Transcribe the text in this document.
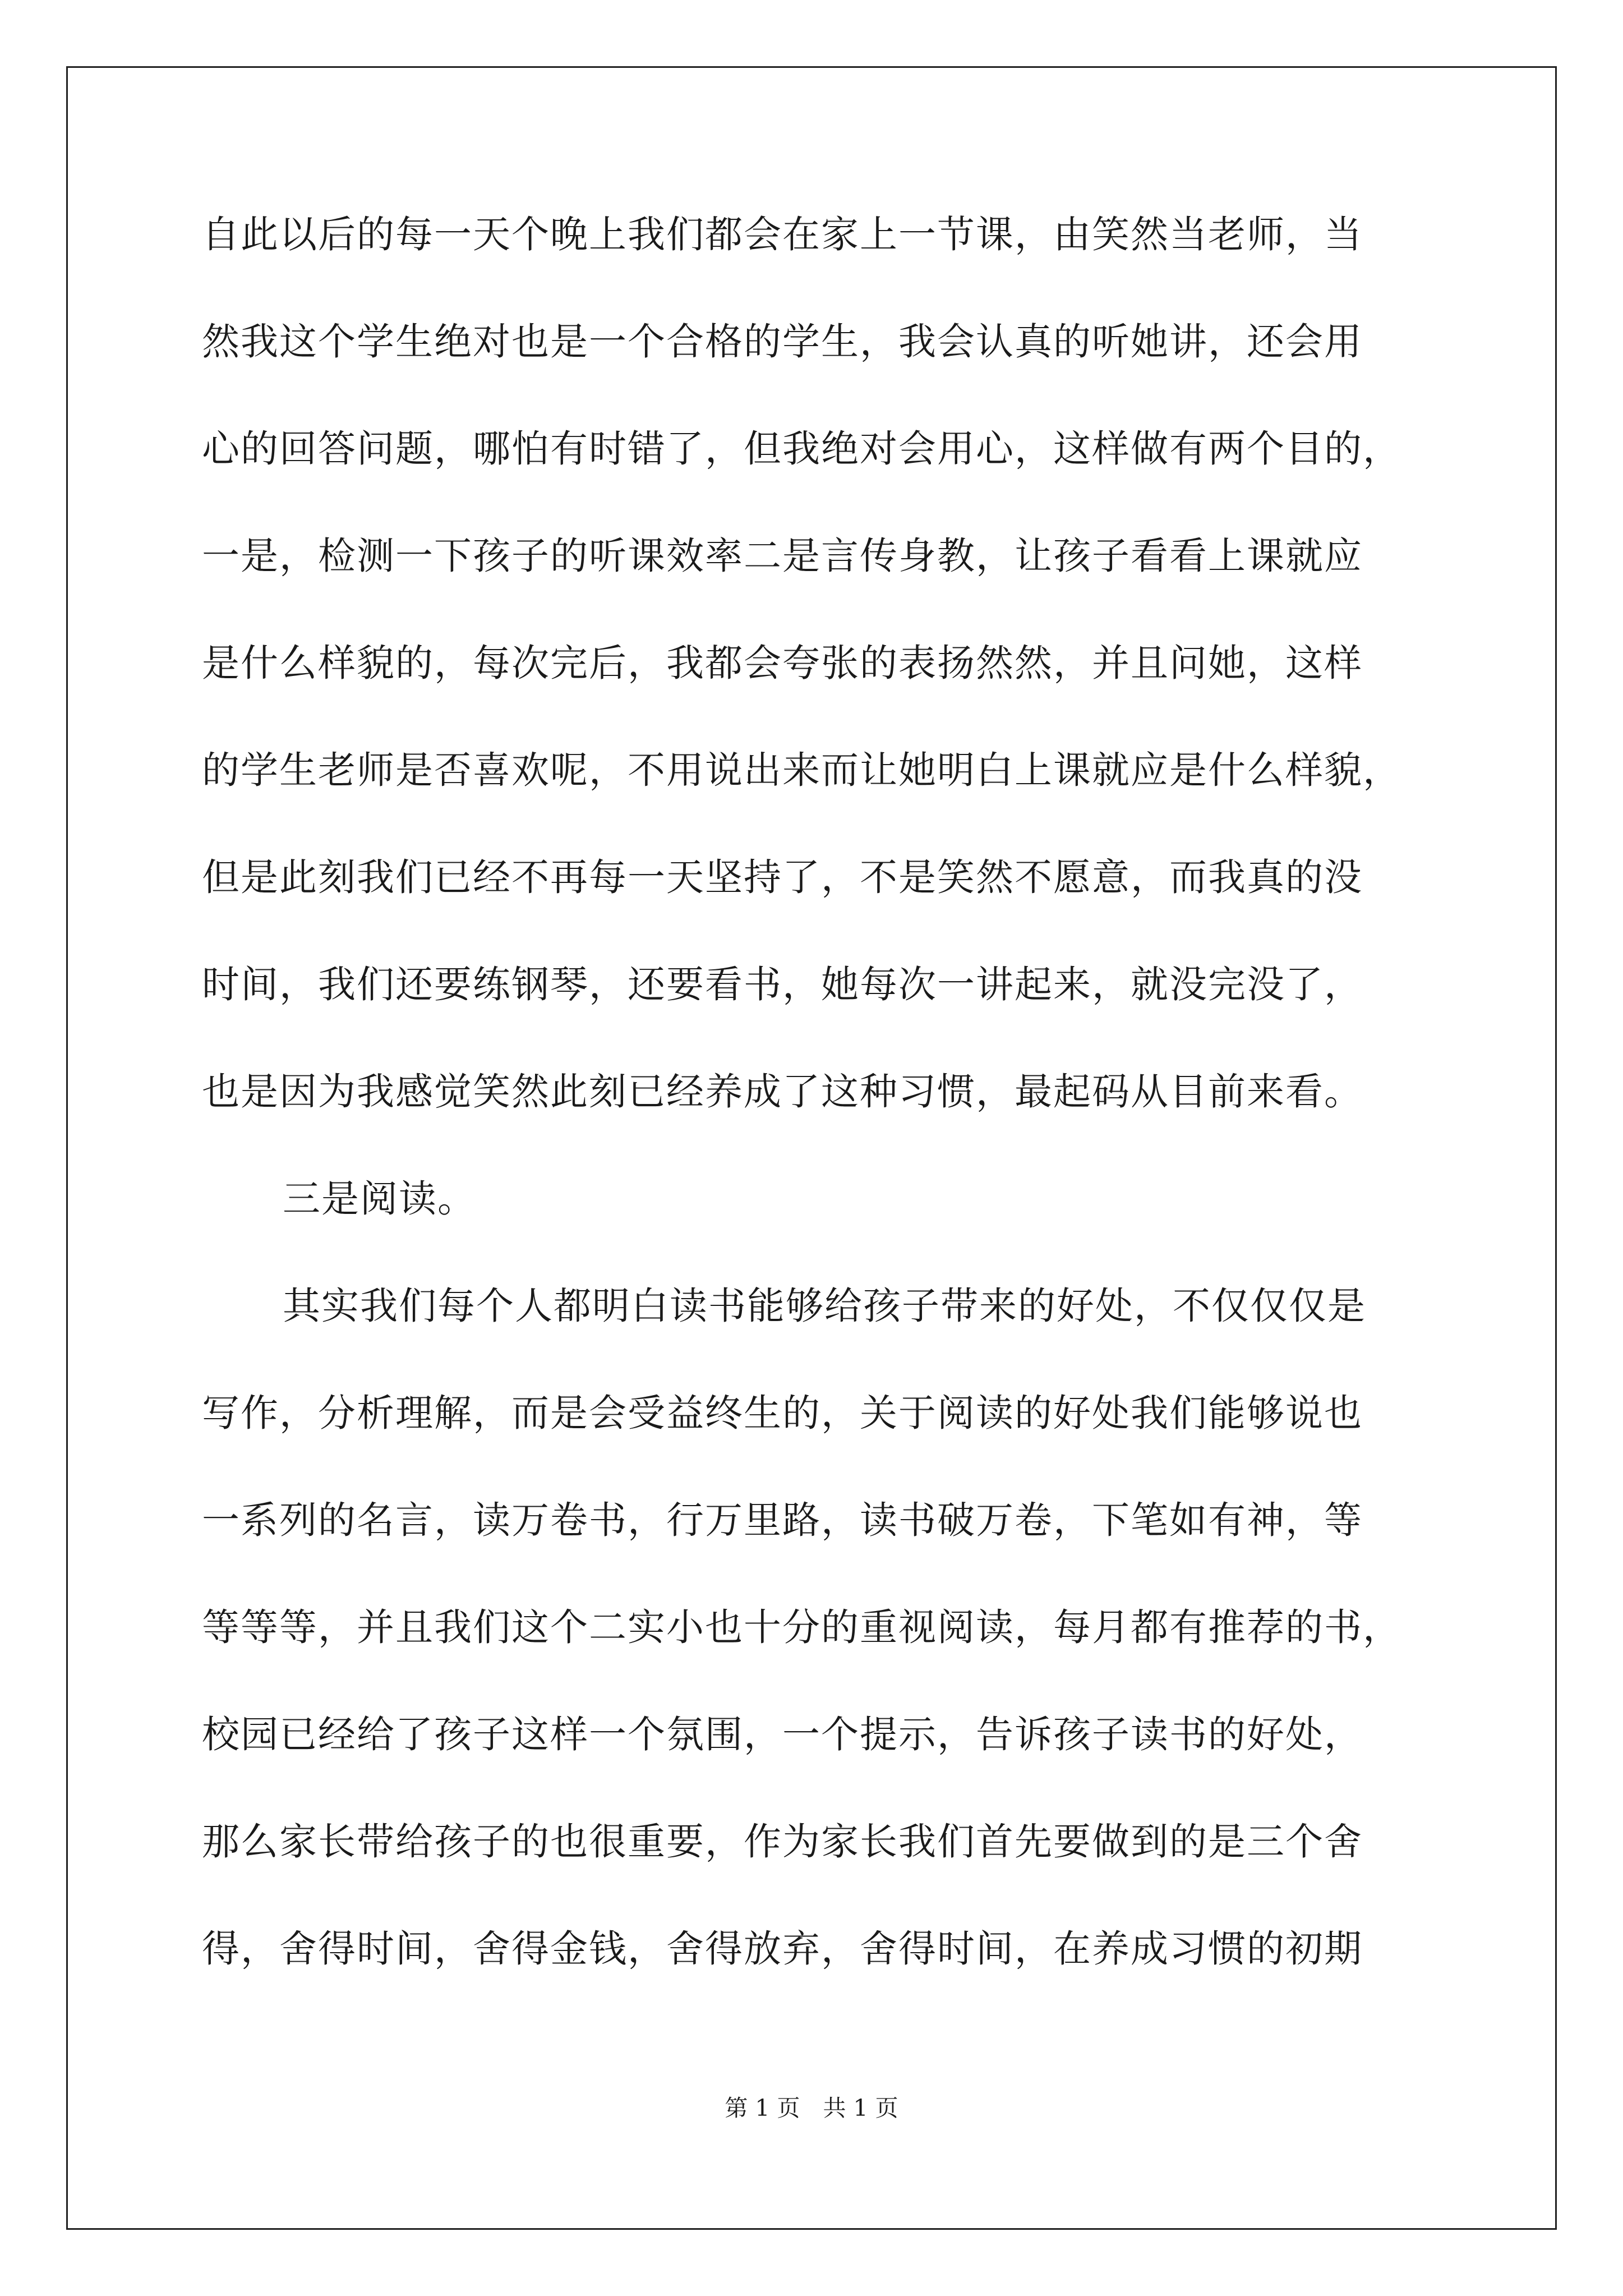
自此以后的每一天个晚上我们都会在家上一节课，由笑然当老师，当
然我这个学生绝对也是一个合格的学生，我会认真的听她讲，还会用
心的回答问题，哪怕有时错了，但我绝对会用心，这样做有两个目的，
一是，检测一下孩子的听课效率二是言传身教，让孩子看看上课就应
是什么样貌的，每次完后，我都会夸张的表扬然然，并且问她，这样
的学生老师是否喜欢呢，不用说出来而让她明白上课就应是什么样貌，
但是此刻我们已经不再每一天坚持了，不是笑然不愿意，而我真的没
时间，我们还要练钢琴，还要看书，她每次一讲起来，就没完没了，
也是因为我感觉笑然此刻已经养成了这种习惯，最起码从目前来看。
三是阅读。
其实我们每个人都明白读书能够给孩子带来的好处，不仅仅仅是
写作，分析理解，而是会受益终生的，关于阅读的好处我们能够说也
一系列的名言，读万卷书，行万里路，读书破万卷，下笔如有神，等
等等等，并且我们这个二实小也十分的重视阅读，每月都有推荐的书，
校园已经给了孩子这样一个氛围，一个提示，告诉孩子读书的好处，
那么家长带给孩子的也很重要，作为家长我们首先要做到的是三个舍
得，舍得时间，舍得金钱，舍得放弃，舍得时间，在养成习惯的初期
第 1 页　共 1 页
